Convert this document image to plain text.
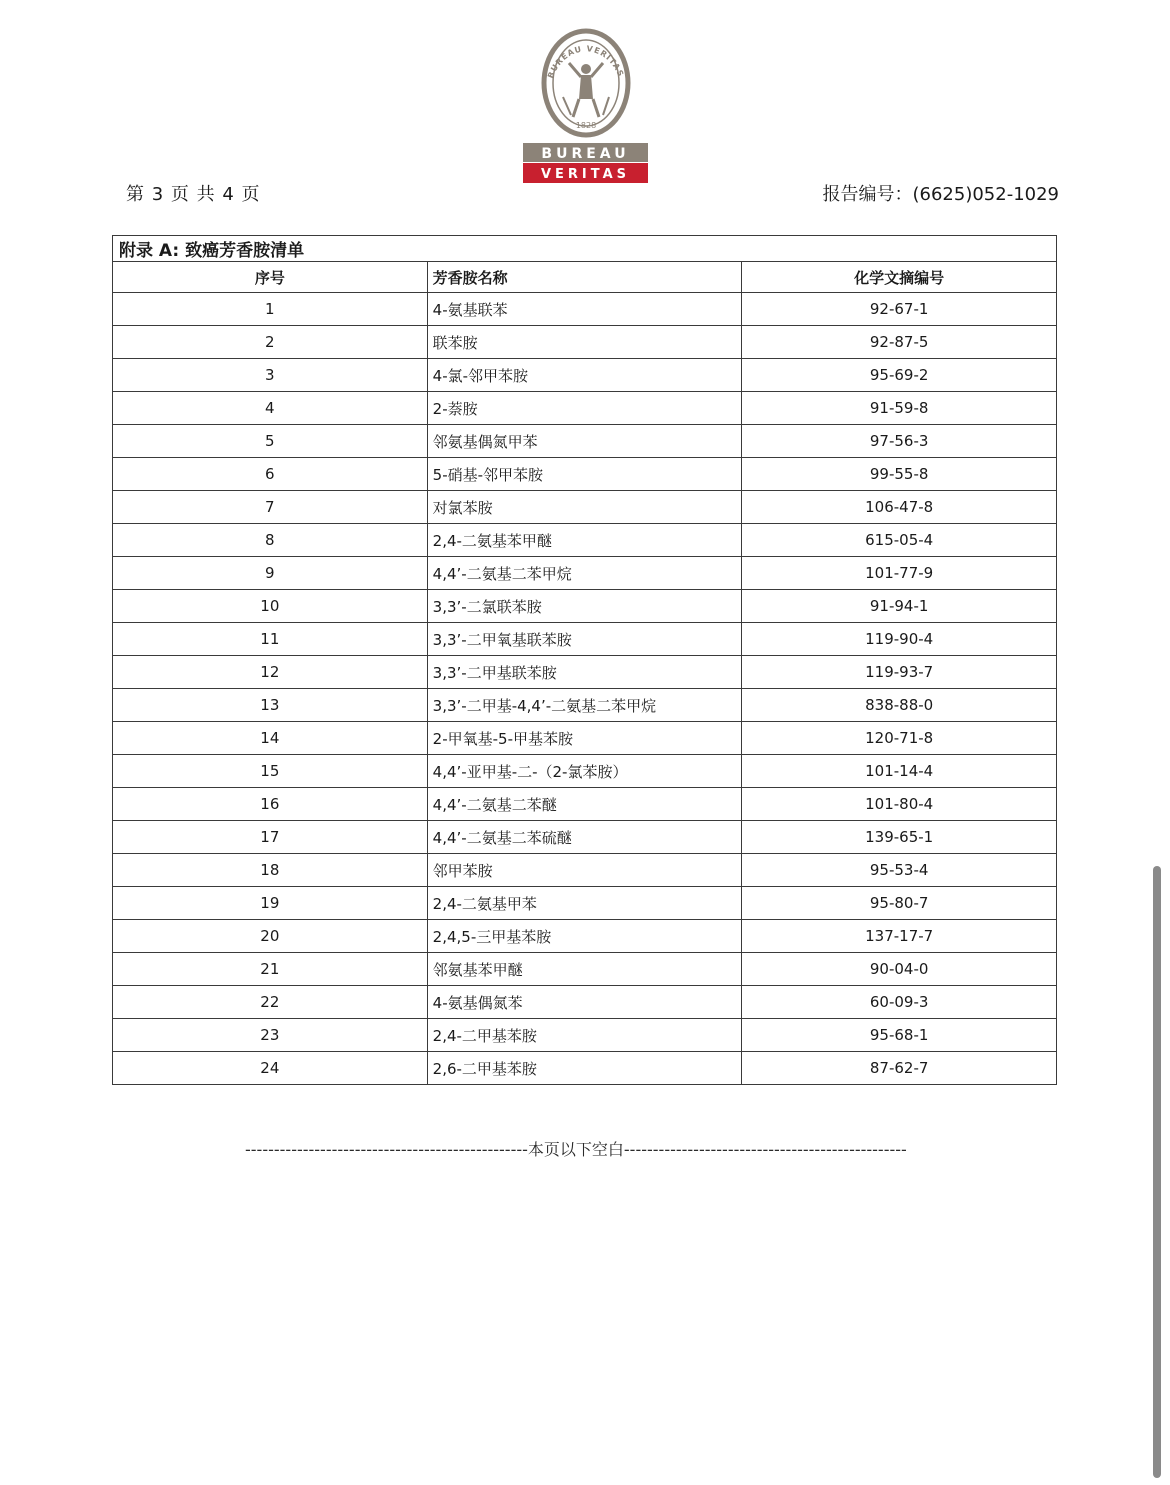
BUREAU VERITAS
1828
BUREAU
VERITAS
第 3 页 共 4 页	报告编号：(6625)052-1029
附录 A: 致癌芳香胺清单		
序号	芳香胺名称	化学文摘编号
1	4-氨基联苯	92-67-1
2	联苯胺	92-87-5
3	4-氯-邻甲苯胺	95-69-2
4	2-萘胺	91-59-8
5	邻氨基偶氮甲苯	97-56-3
6	5-硝基-邻甲苯胺	99-55-8
7	对氯苯胺	106-47-8
8	2,4-二氨基苯甲醚	615-05-4
9	4,4’-二氨基二苯甲烷	101-77-9
10	3,3’-二氯联苯胺	91-94-1
11	3,3’-二甲氧基联苯胺	119-90-4
12	3,3’-二甲基联苯胺	119-93-7
13	3,3’-二甲基-4,4’-二氨基二苯甲烷	838-88-0
14	2-甲氧基-5-甲基苯胺	120-71-8
15	4,4’-亚甲基-二-（2-氯苯胺）	101-14-4
16	4,4’-二氨基二苯醚	101-80-4
17	4,4’-二氨基二苯硫醚	139-65-1
18	邻甲苯胺	95-53-4
19	2,4-二氨基甲苯	95-80-7
20	2,4,5-三甲基苯胺	137-17-7
21	邻氨基苯甲醚	90-04-0
22	4-氨基偶氮苯	60-09-3
23	2,4-二甲基苯胺	95-68-1
24	2,6-二甲基苯胺	87-62-7
-------------------------------------------------本页以下空白-------------------------------------------------
